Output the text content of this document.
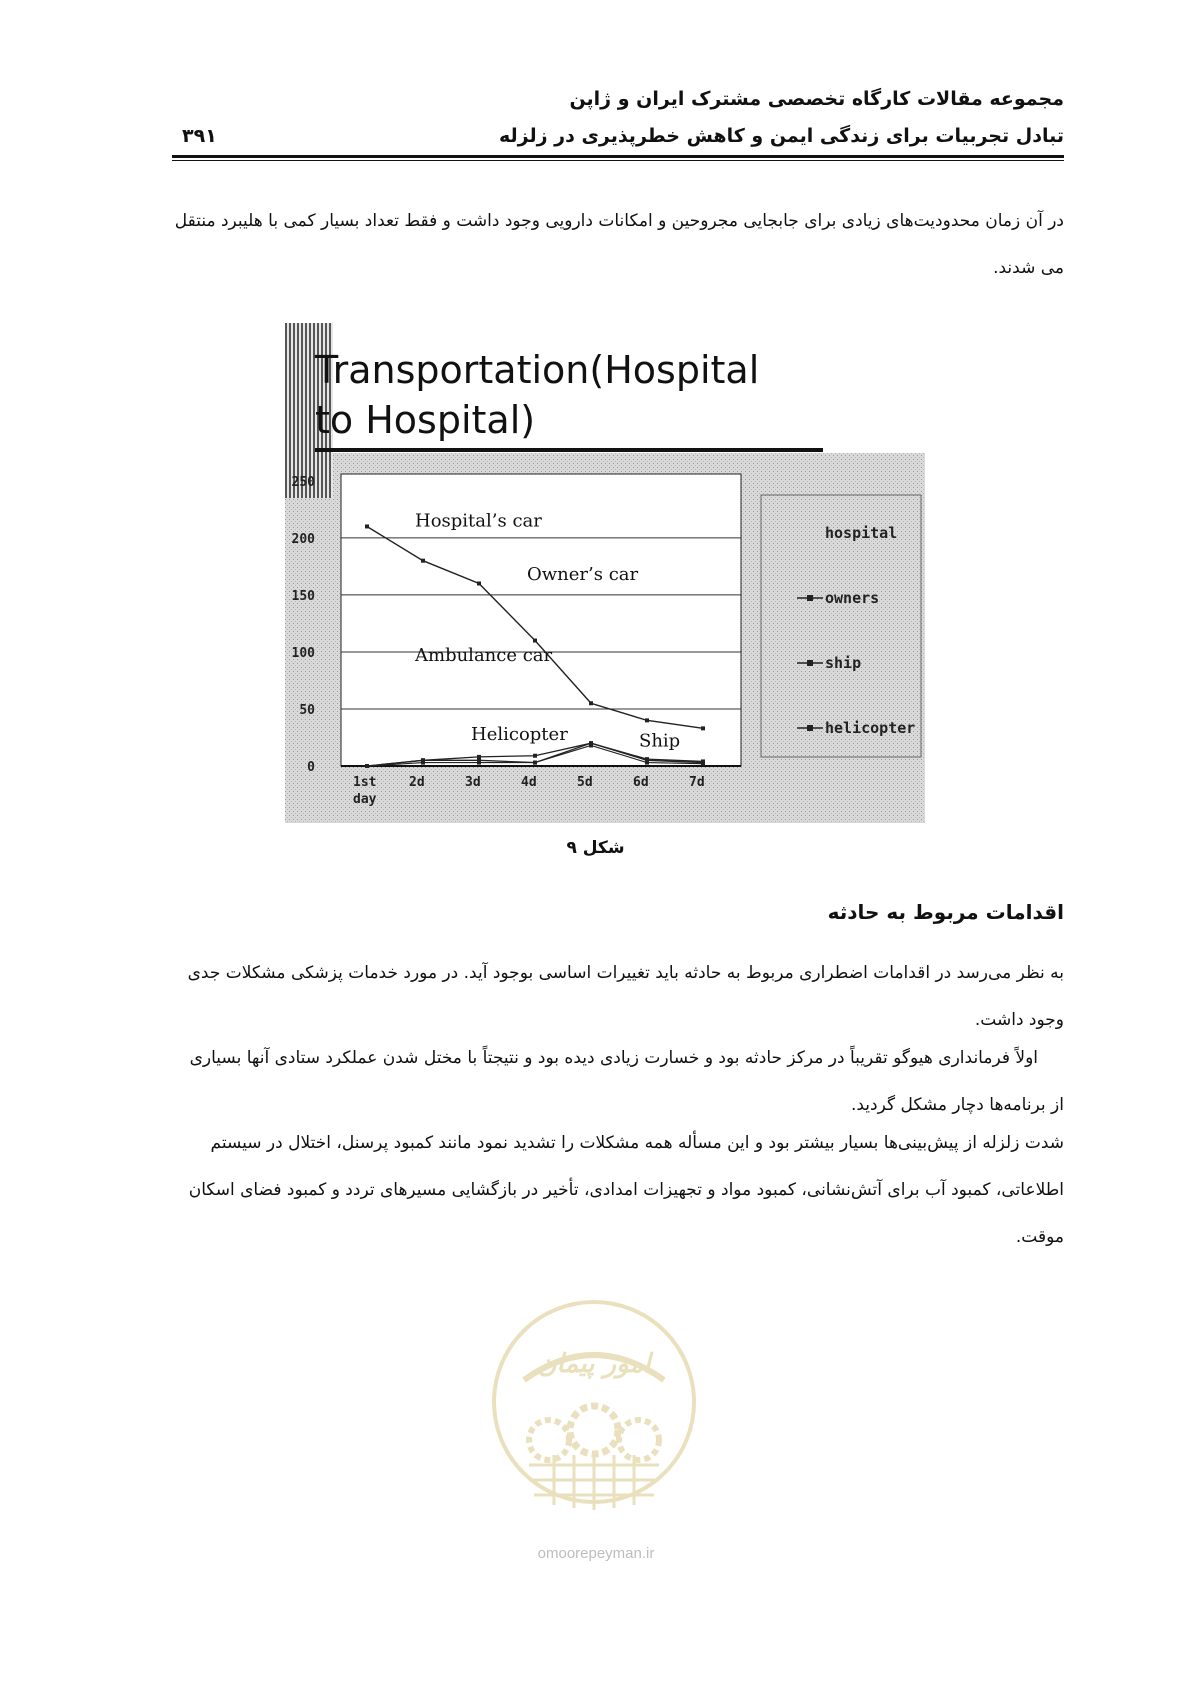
مجموعه مقالات کارگاه تخصصی مشترک ایران و ژاپن
تبادل تجربیات برای زندگی ایمن و کاهش خطرپذیری در زلزله
۳۹۱

در آن زمان محدودیت‌های زیادی برای جابجایی مجروحین و امکانات دارویی وجود داشت و فقط تعداد بسیار کمی با هلیبرد منتقل می شدند.

Transportation(Hospital
to Hospital)
0
50
100
150
200
250
1st
day
2d	3d	4d	5d	6d	7d
Hospital’s car
Owner’s car
Ambulance car
Helicopter	Ship
hospital
owners
ship
helicopter
شکل ۹
اقدامات مربوط به حادثه

به نظر می‌رسد در اقدامات اضطراری مربوط به حادثه باید تغییرات اساسی بوجود آید. در مورد خدمات پزشکی مشکلات جدی وجود داشت.

اولاً فرمانداری هیوگو تقریباً در مرکز حادثه بود و خسارت زیادی دیده بود و نتیجتاً با مختل شدن عملکرد ستادی آنها بسیاری از برنامه‌ها دچار مشکل گردید.

شدت زلزله از پیش‌بینی‌ها بسیار بیشتر بود و این مسأله همه مشکلات را تشدید نمود مانند کمبود پرسنل، اختلال در سیستم اطلاعاتی، کمبود آب برای آتش‌نشانی، کمبود مواد و تجهیزات امدادی، تأخیر در بازگشایی مسیرهای تردد و کمبود فضای اسکان موقت.

امور پیمان
omoorepeyman.ir
